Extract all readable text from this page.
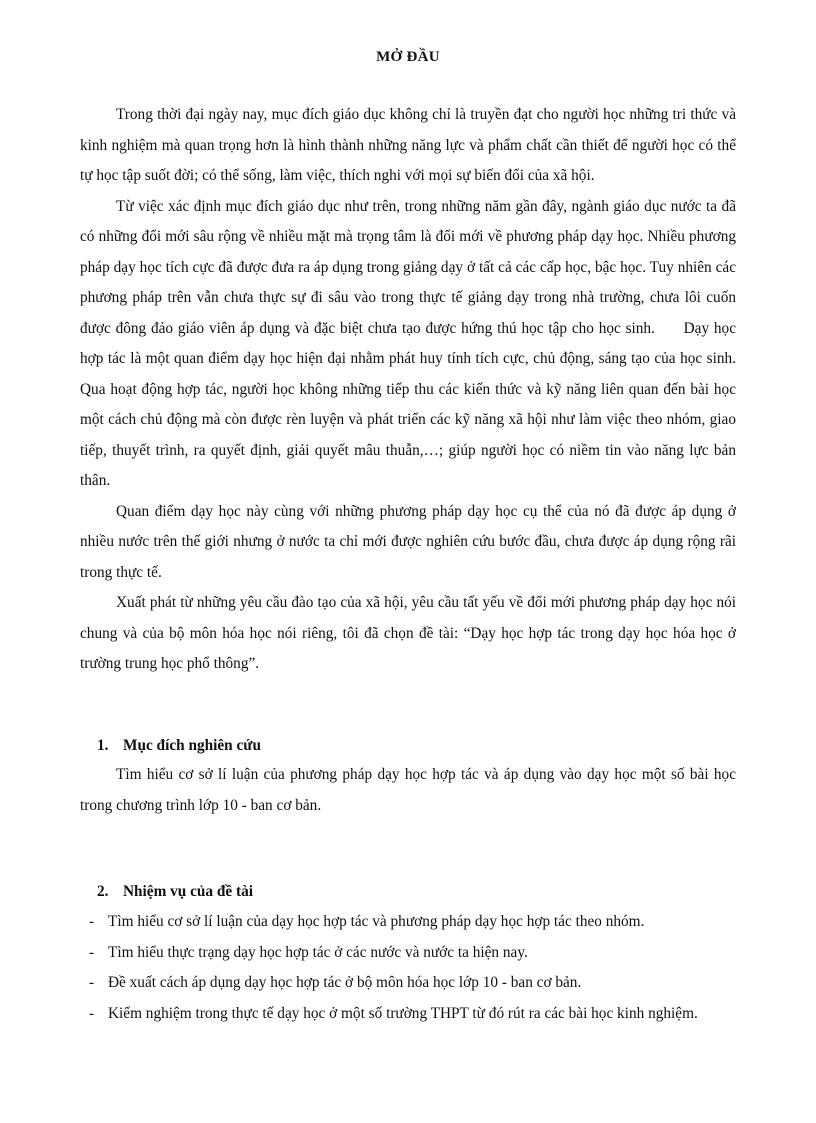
MỞ ĐẦU

Trong thời đại ngày nay, mục đích giáo dục không chỉ là truyền đạt cho người học những tri thức và kinh nghiệm mà quan trọng hơn là hình thành những năng lực và phẩm chất cần thiết để người học có thể tự học tập suốt đời; có thể sống, làm việc, thích nghi với mọi sự biến đổi của xã hội.

Từ việc xác định mục đích giáo dục như trên, trong những năm gần đây, ngành giáo dục nước ta đã có những đổi mới sâu rộng về nhiều mặt mà trọng tâm là đổi mới về phương pháp dạy học. Nhiều phương pháp dạy học tích cực đã được đưa ra áp dụng trong giảng dạy ở tất cả các cấp học, bậc học. Tuy nhiên các phương pháp trên vẫn chưa thực sự đi sâu vào trong thực tế giảng dạy trong nhà trường, chưa lôi cuốn được đông đảo giáo viên áp dụng và đặc biệt chưa tạo được hứng thú học tập cho học sinh.      Dạy học hợp tác là một quan điểm dạy học hiện đại nhằm phát huy tính tích cực, chủ động, sáng tạo của học sinh. Qua hoạt động hợp tác, người học không những tiếp thu các kiến thức và kỹ năng liên quan đến bài học một cách chủ động mà còn được rèn luyện và phát triển các kỹ năng xã hội như làm việc theo nhóm, giao tiếp, thuyết trình, ra quyết định, giải quyết mâu thuẫn,…; giúp người học có niềm tin vào năng lực bản thân.

Quan điểm dạy học này cùng với những phương pháp dạy học cụ thể của nó đã được áp dụng ở nhiều nước trên thế giới nhưng ở nước ta chỉ mới được nghiên cứu bước đầu, chưa được áp dụng rộng rãi trong thực tế.

Xuất phát từ những yêu cầu đào tạo của xã hội, yêu cầu tất yếu về đổi mới phương pháp dạy học nói chung và của bộ môn hóa học nói riêng, tôi đã chọn đề tài: “Dạy học hợp tác trong dạy học hóa học ở trường trung học phổ thông”.

1. Mục đích nghiên cứu

Tìm hiểu cơ sở lí luận của phương pháp dạy học hợp tác và áp dụng vào dạy học một số bài học trong chương trình lớp 10 - ban cơ bản.

2. Nhiệm vụ của đề tài
- Tìm hiểu cơ sở lí luận của dạy học hợp tác và phương pháp dạy học hợp tác theo nhóm.
- Tìm hiểu thực trạng dạy học hợp tác ở các nước và nước ta hiện nay.
- Đề xuất cách áp dụng dạy học hợp tác ở bộ môn hóa học lớp 10 - ban cơ bản.
- Kiểm nghiệm trong thực tế dạy học ở một số trường THPT từ đó rút ra các bài học kinh nghiệm.
